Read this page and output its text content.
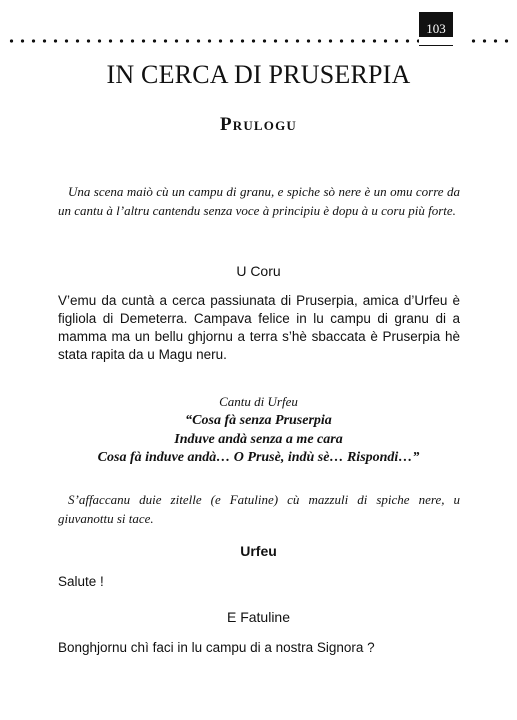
103
IN CERCA DI PRUSERPIA
Prulogu

Una scena maiò cù un campu di granu, e spiche sò nere è un omu corre da un cantu à l’altru cantendu senza voce à principiu è dopu à u coru più forte.

U Coru

V’emu da cuntà a cerca passiunata di Pruserpia, amica d’Urfeu è figliola di Demeterra. Campava felice in lu campu di granu di a mamma ma un bellu ghjornu a terra s’hè sbaccata è Pruserpia hè stata rapita da u Magu neru.

Cantu di Urfeu

“Cosa fà senza Pruserpia
Induve andà senza a me cara
Cosa fà induve andà… O Prusè, indù sè… Rispondi…”

S’affaccanu duie zitelle (e Fatuline) cù mazzuli di spiche nere, u giuvanottu si tace.

Urfeu

Salute !

E Fatuline

Bonghjornu chì faci in lu campu di a nostra Signora ?
